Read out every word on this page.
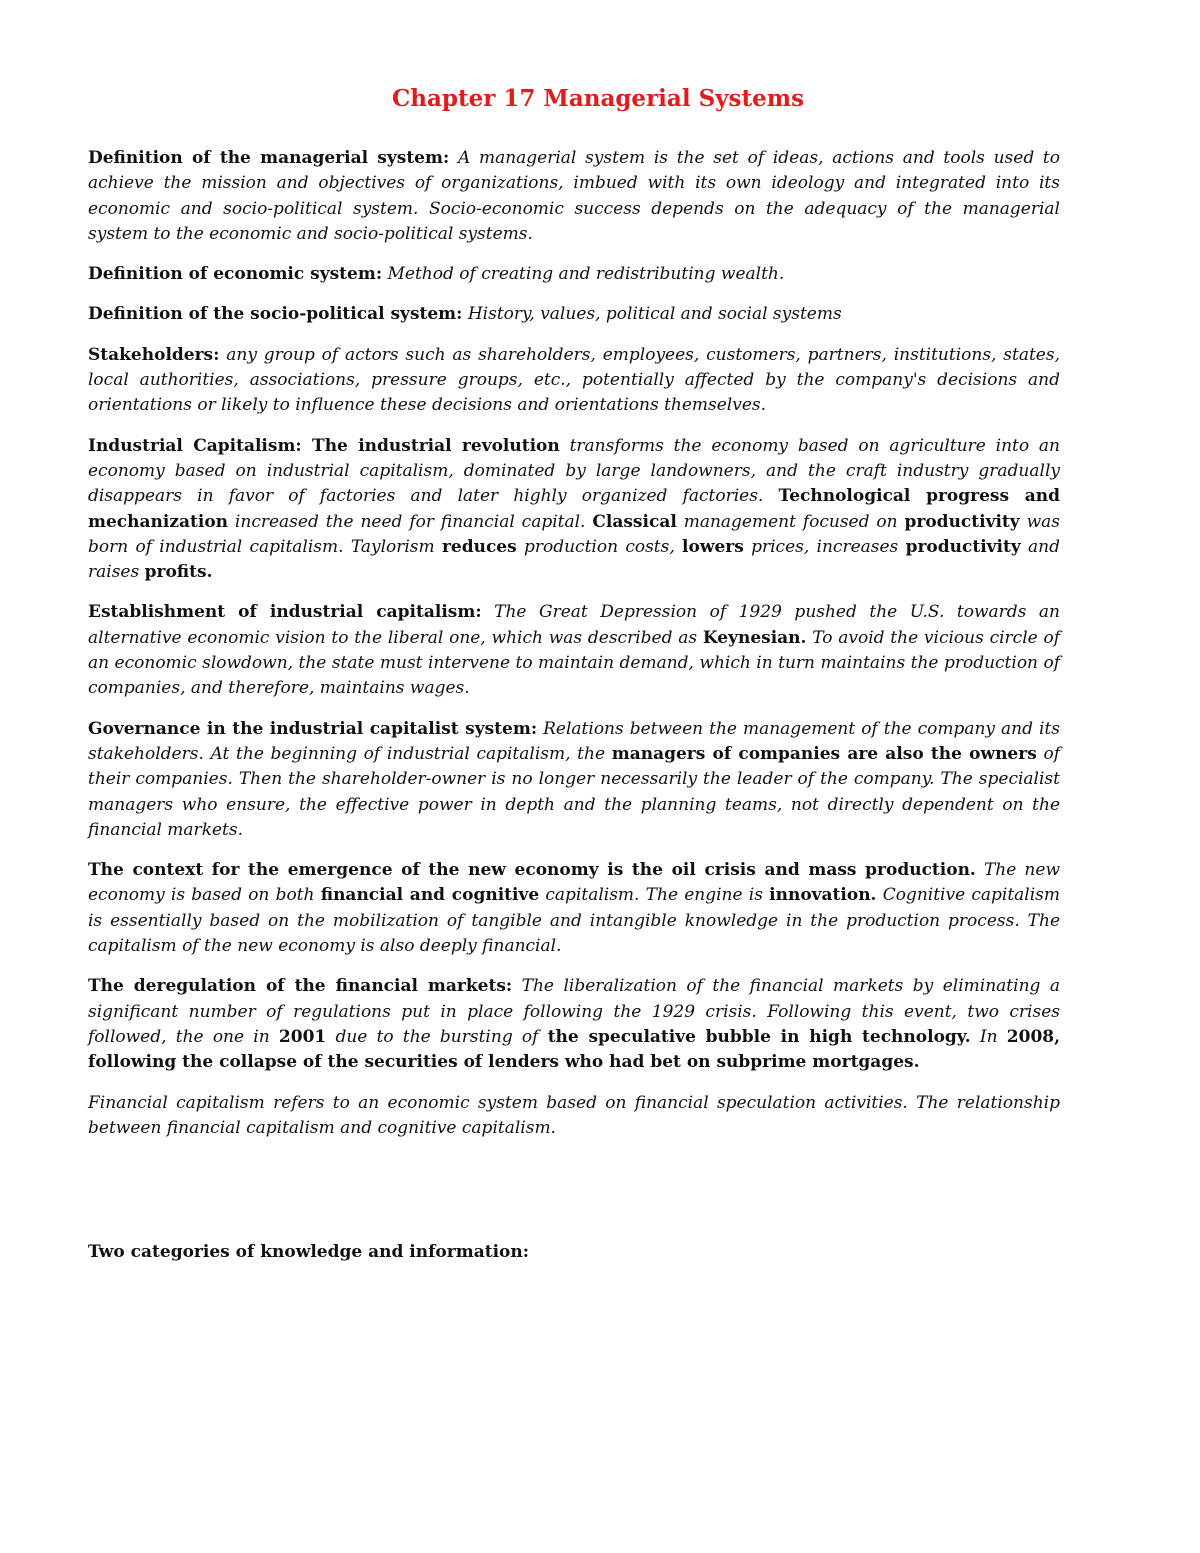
Chapter 17 Managerial Systems
Definition of the managerial system: A managerial system is the set of ideas, actions and tools used to achieve the mission and objectives of organizations, imbued with its own ideology and integrated into its economic and socio-political system. Socio-economic success depends on the adequacy of the managerial system to the economic and socio-political systems.
Definition of economic system: Method of creating and redistributing wealth.
Definition of the socio-political system: History, values, political and social systems
Stakeholders: any group of actors such as shareholders, employees, customers, partners, institutions, states, local authorities, associations, pressure groups, etc., potentially affected by the company's decisions and orientations or likely to influence these decisions and orientations themselves.
Industrial Capitalism: The industrial revolution transforms the economy based on agriculture into an economy based on industrial capitalism, dominated by large landowners, and the craft industry gradually disappears in favor of factories and later highly organized factories. Technological progress and mechanization increased the need for financial capital. Classical management focused on productivity was born of industrial capitalism. Taylorism reduces production costs, lowers prices, increases productivity and raises profits.
Establishment of industrial capitalism: The Great Depression of 1929 pushed the U.S. towards an alternative economic vision to the liberal one, which was described as Keynesian. To avoid the vicious circle of an economic slowdown, the state must intervene to maintain demand, which in turn maintains the production of companies, and therefore, maintains wages.
Governance in the industrial capitalist system: Relations between the management of the company and its stakeholders. At the beginning of industrial capitalism, the managers of companies are also the owners of their companies. Then the shareholder-owner is no longer necessarily the leader of the company. The specialist managers who ensure, the effective power in depth and the planning teams, not directly dependent on the financial markets.
The context for the emergence of the new economy is the oil crisis and mass production. The new economy is based on both financial and cognitive capitalism. The engine is innovation. Cognitive capitalism is essentially based on the mobilization of tangible and intangible knowledge in the production process. The capitalism of the new economy is also deeply financial.
The deregulation of the financial markets: The liberalization of the financial markets by eliminating a significant number of regulations put in place following the 1929 crisis. Following this event, two crises followed, the one in 2001 due to the bursting of the speculative bubble in high technology. In 2008, following the collapse of the securities of lenders who had bet on subprime mortgages.
Financial capitalism refers to an economic system based on financial speculation activities. The relationship between financial capitalism and cognitive capitalism.
Two categories of knowledge and information:
